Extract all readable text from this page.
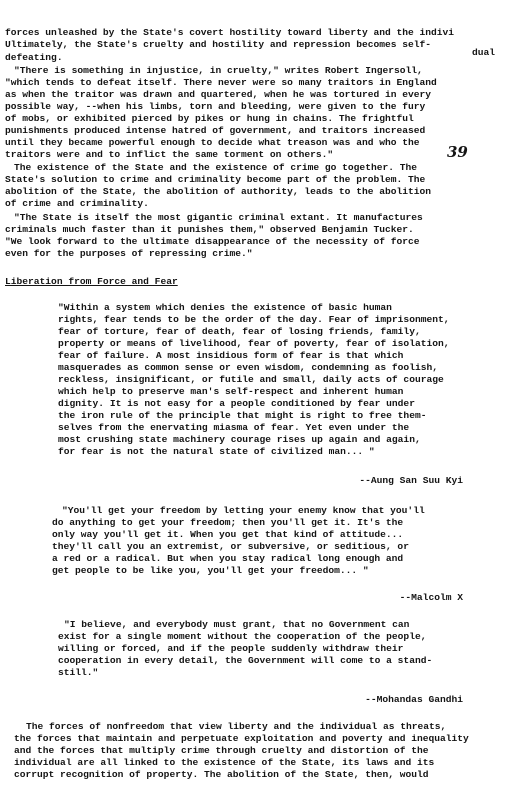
forces unleashed by the State's covert hostility toward liberty and the indivi
Ultimately, the State's cruelty and hostility and repression becomes self-
dual
defeating.
"There is something in injustice, in cruelty," writes Robert Ingersoll,
"which tends to defeat itself. There never were so many traitors in England
as when the traitor was drawn and quartered, when he was tortured in every
possible way, --when his limbs, torn and bleeding, were given to the fury
of mobs, or exhibited pierced by pikes or hung in chains. The frightful
punishments produced intense hatred of government, and traitors increased
until they became powerful enough to decide what treason was and who the
traitors were and to inflict the same torment on others."	39
The existence of the State and the existence of crime go together. The
State's solution to crime and criminality become part of the problem. The
abolition of the State, the abolition of authority, leads to the abolition
of crime and criminality.
"The State is itself the most gigantic criminal extant. It manufactures
criminals much faster than it punishes them," observed Benjamin Tucker.
"We look forward to the ultimate disappearance of the necessity of force
even for the purposes of repressing crime."
Liberation from Force and Fear
"Within a system which denies the existence of basic human
rights, fear tends to be the order of the day. Fear of imprisonment,
fear of torture, fear of death, fear of losing friends, family,
property or means of livelihood, fear of poverty, fear of isolation,
fear of failure. A most insidious form of fear is that which
masquerades as common sense or even wisdom, condemning as foolish,
reckless, insignificant, or futile and small, daily acts of courage
which help to preserve man's self-respect and inherent human
dignity. It is not easy for a people conditioned by fear under
the iron rule of the principle that might is right to free them-
selves from the enervating miasma of fear. Yet even under the
most crushing state machinery courage rises up again and again,
for fear is not the natural state of civilized man... "
--Aung San Suu Kyi
"You'll get your freedom by letting your enemy know that you'll
do anything to get your freedom; then you'll get it. It's the
only way you'll get it. When you get that kind of attitude...
they'll call you an extremist, or subversive, or seditious, or
a red or a radical. But when you stay radical long enough and
get people to be like you, you'll get your freedom... "
--Malcolm X
"I believe, and everybody must grant, that no Government can
exist for a single moment without the cooperation of the people,
willing or forced, and if the people suddenly withdraw their
cooperation in every detail, the Government will come to a stand-
still."
--Mohandas Gandhi
The forces of nonfreedom that view liberty and the individual as threats,
the forces that maintain and perpetuate exploitation and poverty and inequality
and the forces that multiply crime through cruelty and distortion of the
individual are all linked to the existence of the State, its laws and its
corrupt recognition of property. The abolition of the State, then, would
